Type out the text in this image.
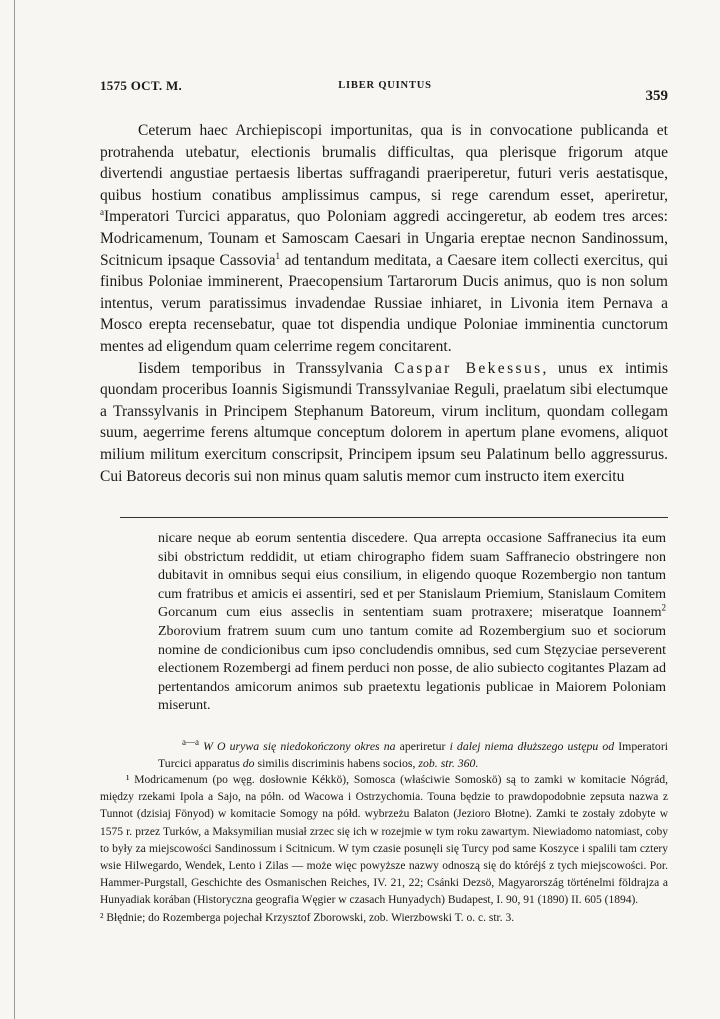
1575 OCT. M.	LIBER QUINTUS
359

Ceterum haec Archiepiscopi importunitas, qua is in convocatione publicanda et protrahenda utebatur, electionis brumalis difficultas, qua plerisque frigorum atque divertendi angustiae pertaesis libertas suffragandi praeriperetur, futuri veris aestatisque, quibus hostium conatibus amplissimus campus, si rege carendum esset, aperiretur, $^a$Imperatori Turcici apparatus, quo Poloniam aggredi accingeretur, ab eodem tres arces: Modricamenum, Tounam et Samoscam Caesari in Ungaria ereptae necnon Sandinossum, Scitnicum ipsaque Cassovia$^1$ ad tentandum meditata, a Caesare item collecti exercitus, qui finibus Poloniae imminerent, Praecopensium Tartarorum Ducis animus, quo is non solum intentus, verum paratissimus invadendae Russiae inhiaret, in Livonia item Pernava a Mosco erepta recensebatur, quae tot dispendia undique Poloniae imminentia cunctorum mentes ad eligendum quam celerrime regem concitarent.

Iisdem temporibus in Transsylvania Caspar Bekessus, unus ex intimis quondam proceribus Ioannis Sigismundi Transsylvaniae Reguli, praelatum sibi electumque a Transsylvanis in Principem Stephanum Batoreum, virum inclitum, quondam collegam suum, aegerrime ferens altumque conceptum dolorem in apertum plane evomens, aliquot milium militum exercitum conscripsit, Principem ipsum seu Palatinum bello aggressurus. Cui Batoreus decoris sui non minus quam salutis memor cum instructo item exercitu

nicare neque ab eorum sententia discedere. Qua arrepta occasione Saffranecius ita eum sibi obstrictum reddidit, ut etiam chirographo fidem suam Saffranecio obstringere non dubitavit in omnibus sequi eius consilium, in eligendo quoque Rozembergio non tantum cum fratribus et amicis ei assentiri, sed et per Stanislaum Priemium, Stanislaum Comitem Gorcanum cum eius asseclis in sententiam suam protraxere; miseratque Ioannem$^2$ Zborovium fratrem suum cum uno tantum comite ad Rozembergium suo et sociorum nomine de condicionibus cum ipso concludendis omnibus, sed cum Stęzyciae perseverent electionem Rozembergi ad finem perduci non posse, de alio subiecto cogitantes Plazam ad pertentandos amicorum animos sub praetextu legationis publicae in Maiorem Poloniam miserunt.

$^{a—a}$ W O urywa się niedokończony okres na aperiretur i dalej niema dłuższego ustępu od Imperatori Turcici apparatus do similis discriminis habens socios, zob. str. 360.

¹ Modricamenum (po węg. dosłownie Kékkö), Somosca (właściwie Somoskö) są to zamki w komitacie Nógrád, między rzekami Ipola a Sajo, na półn. od Wacowa i Ostrzychomia. Touna będzie to prawdopodobnie zepsuta nazwa z Tunnot (dzisiaj Fönyod) w komitacie Somogy na półd. wybrzeżu Balaton (Jezioro Błotne). Zamki te zostały zdobyte w 1575 r. przez Turków, a Maksymilian musiał zrzec się ich w rozejmie w tym roku zawartym. Niewiadomo natomiast, coby to były za miejscowości Sandinossum i Scitnicum. W tym czasie posunęli się Turcy pod same Koszyce i spalili tam cztery wsie Hilwegardo, Wendek, Lento i Zilas — może więc powyższe nazwy odnoszą się do któréjś z tych miejscowości. Por. Hammer-Purgstall, Geschichte des Osmanischen Reiches, IV. 21, 22; Csánki Dezsö, Magyarország történelmi földrajza a Hunyadiak korában (Historyczna geografia Węgier w czasach Hunyadych) Budapest, I. 90, 91 (1890) II. 605 (1894).

² Błędnie; do Rozemberga pojechał Krzysztof Zborowski, zob. Wierzbowski T. o. c. str. 3.
